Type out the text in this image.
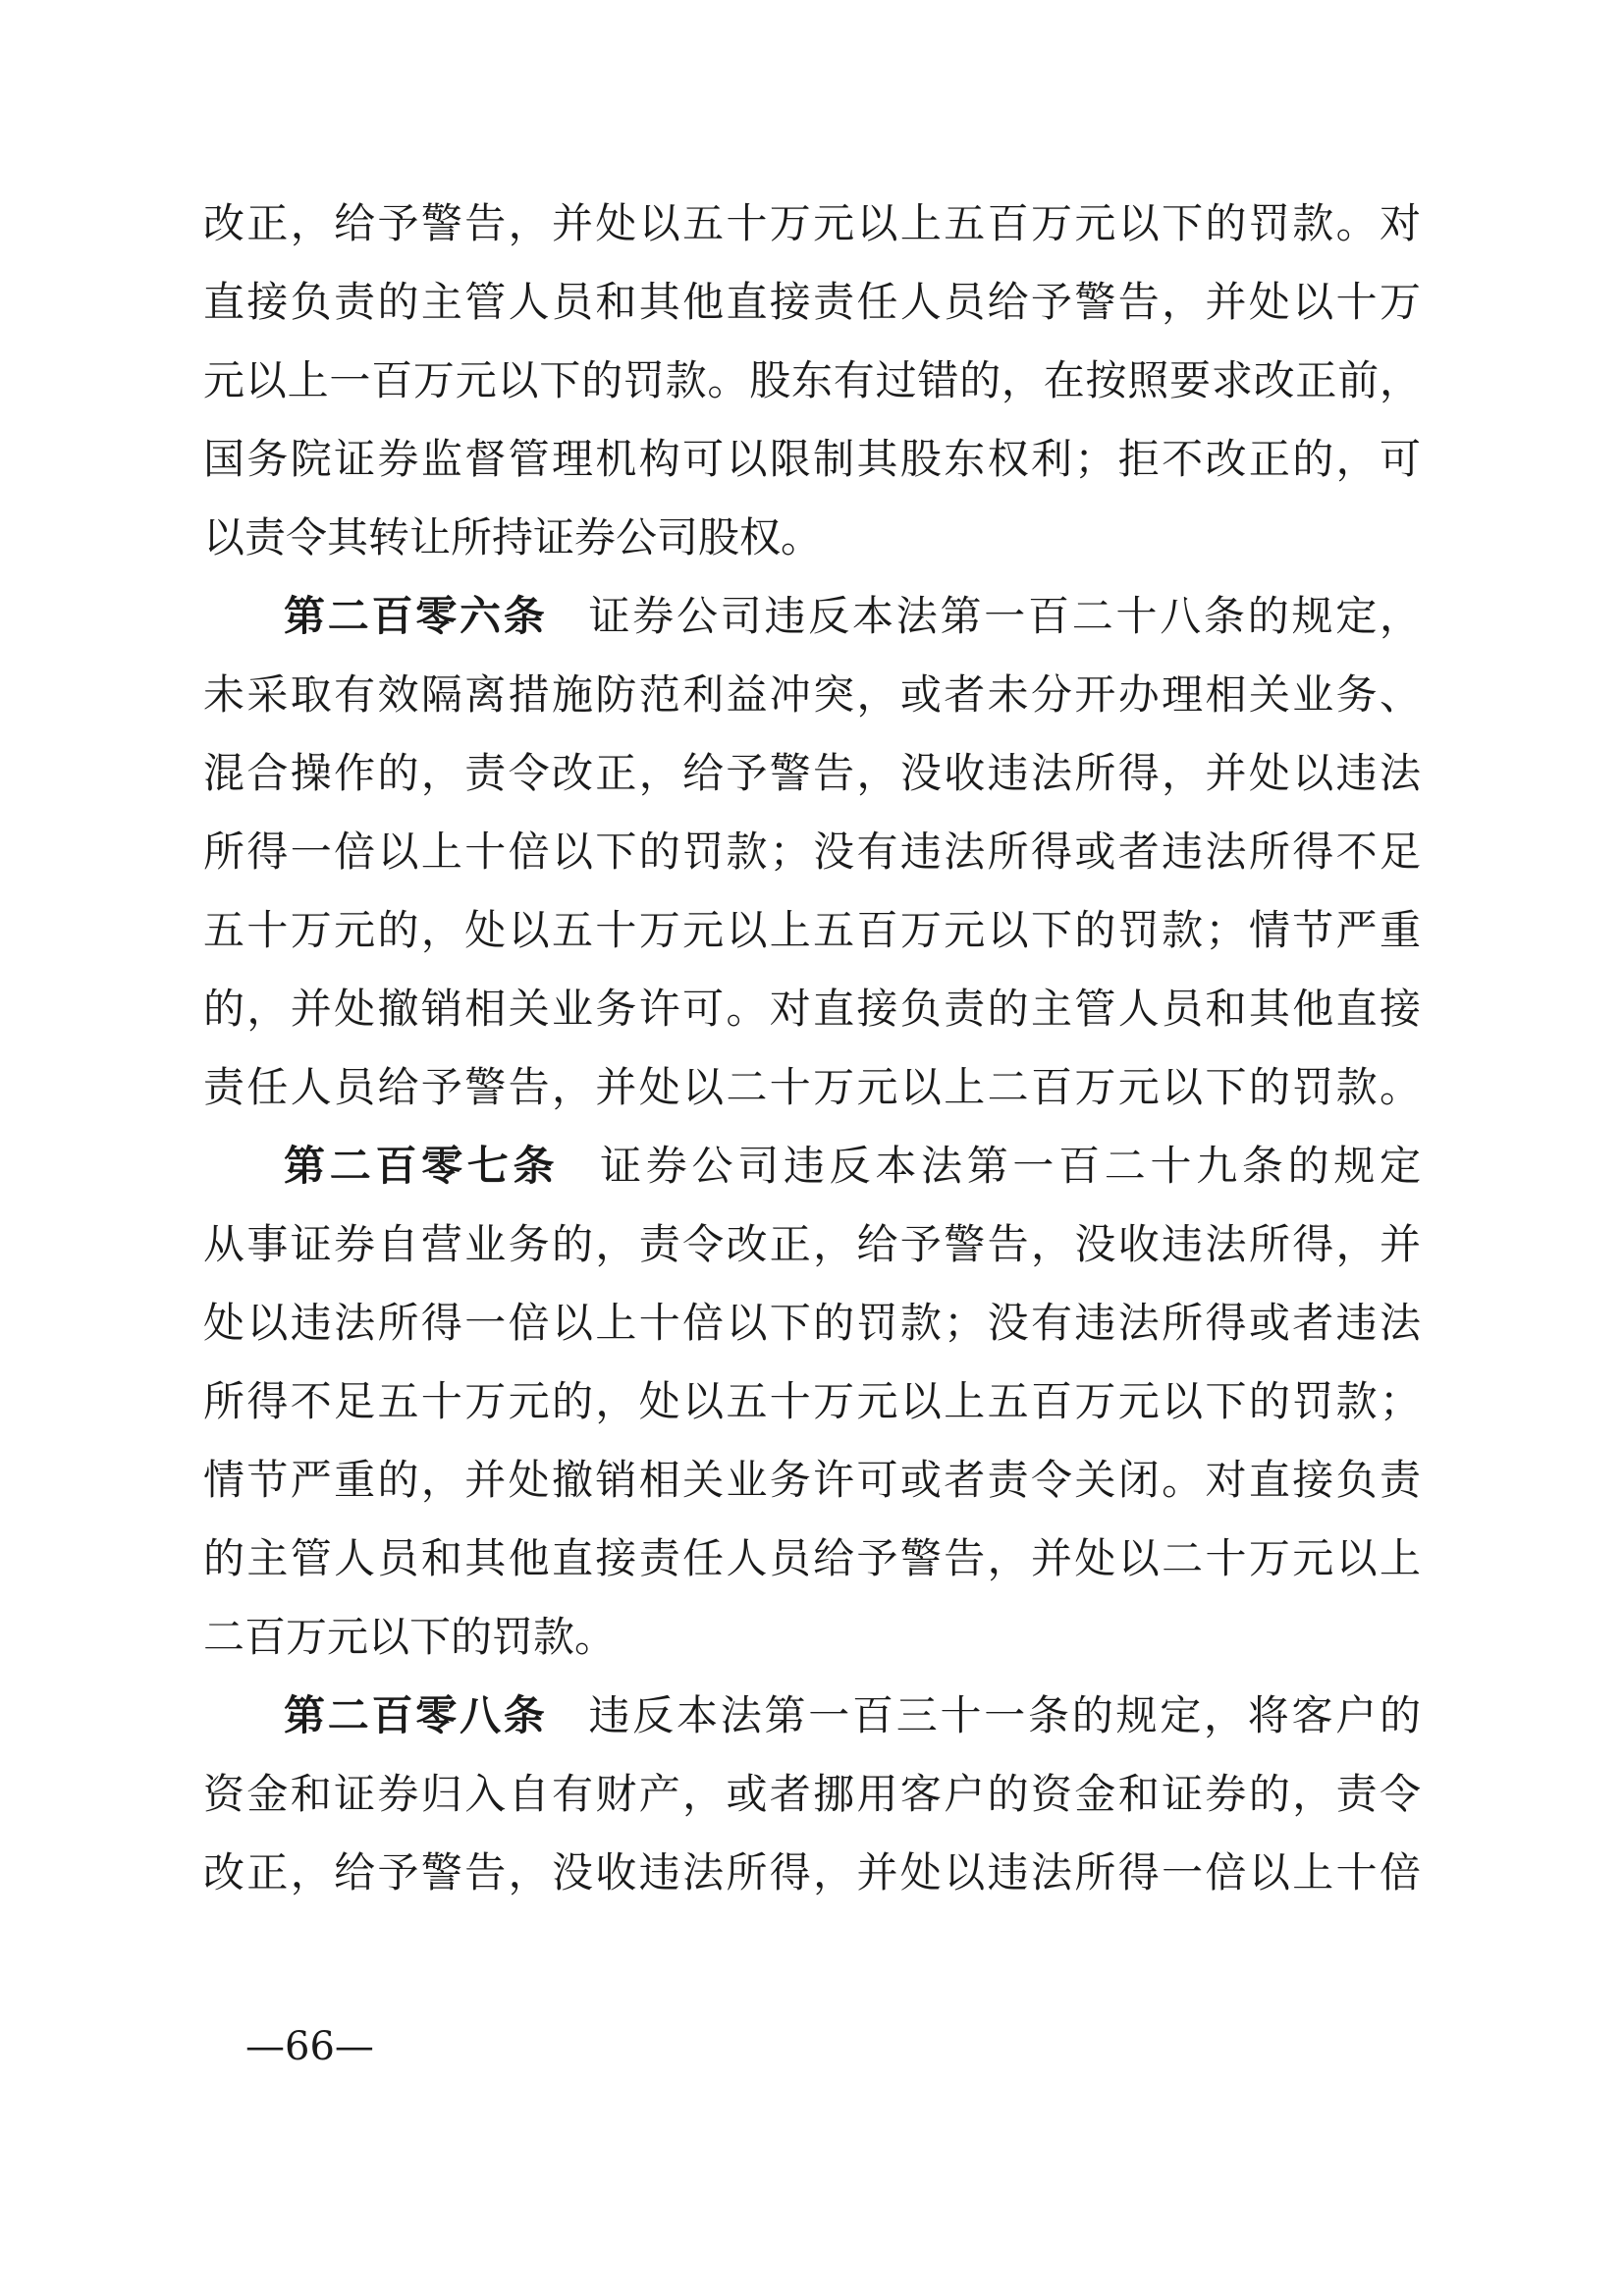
改正，给予警告，并处以五十万元以上五百万元以下的罚款。对
直接负责的主管人员和其他直接责任人员给予警告，并处以十万
元以上一百万元以下的罚款。股东有过错的，在按照要求改正前，
国务院证券监督管理机构可以限制其股东权利；拒不改正的，可
以责令其转让所持证券公司股权。
第二百零六条 证券公司违反本法第一百二十八条的规定，
未采取有效隔离措施防范利益冲突，或者未分开办理相关业务、
混合操作的，责令改正，给予警告，没收违法所得，并处以违法
所得一倍以上十倍以下的罚款；没有违法所得或者违法所得不足
五十万元的，处以五十万元以上五百万元以下的罚款；情节严重
的，并处撤销相关业务许可。对直接负责的主管人员和其他直接
责任人员给予警告，并处以二十万元以上二百万元以下的罚款。
第二百零七条 证券公司违反本法第一百二十九条的规定
从事证券自营业务的，责令改正，给予警告，没收违法所得，并
处以违法所得一倍以上十倍以下的罚款；没有违法所得或者违法
所得不足五十万元的，处以五十万元以上五百万元以下的罚款；
情节严重的，并处撤销相关业务许可或者责令关闭。对直接负责
的主管人员和其他直接责任人员给予警告，并处以二十万元以上
二百万元以下的罚款。
第二百零八条 违反本法第一百三十一条的规定，将客户的
资金和证券归入自有财产，或者挪用客户的资金和证券的，责令
改正，给予警告，没收违法所得，并处以违法所得一倍以上十倍
—66—
